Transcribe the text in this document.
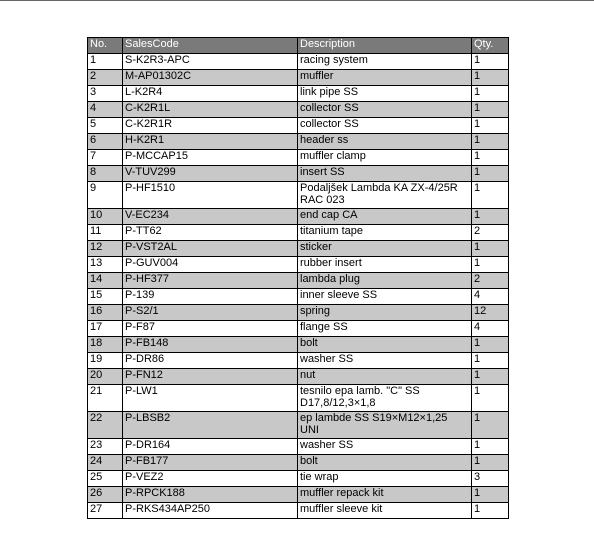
No.	SalesCode	Description	Qty.
1	S-K2R3-APC	racing system	1
2	M-AP01302C	muffler	1
3	L-K2R4	link pipe SS	1
4	C-K2R1L	collector SS	1
5	C-K2R1R	collector SS	1
6	H-K2R1	header ss	1
7	P-MCCAP15	muffler clamp	1
8	V-TUV299	insert SS	1
9	P-HF1510	Podaljšek Lambda KA ZX-4/25R RAC 023	1
10	V-EC234	end cap CA	1
11	P-TT62	titanium tape	2
12	P-VST2AL	sticker	1
13	P-GUV004	rubber insert	1
14	P-HF377	lambda plug	2
15	P-139	inner sleeve SS	4
16	P-S2/1	spring	12
17	P-F87	flange SS	4
18	P-FB148	bolt	1
19	P-DR86	washer SS	1
20	P-FN12	nut	1
21	P-LW1	tesnilo epa lamb. "C" SS D17,8/12,3×1,8	1
22	P-LBSB2	ep lambde SS S19×M12×1,25 UNI	1
23	P-DR164	washer SS	1
24	P-FB177	bolt	1
25	P-VEZ2	tie wrap	3
26	P-RPCK188	muffler repack kit	1
27	P-RKS434AP250	muffler sleeve kit	1
